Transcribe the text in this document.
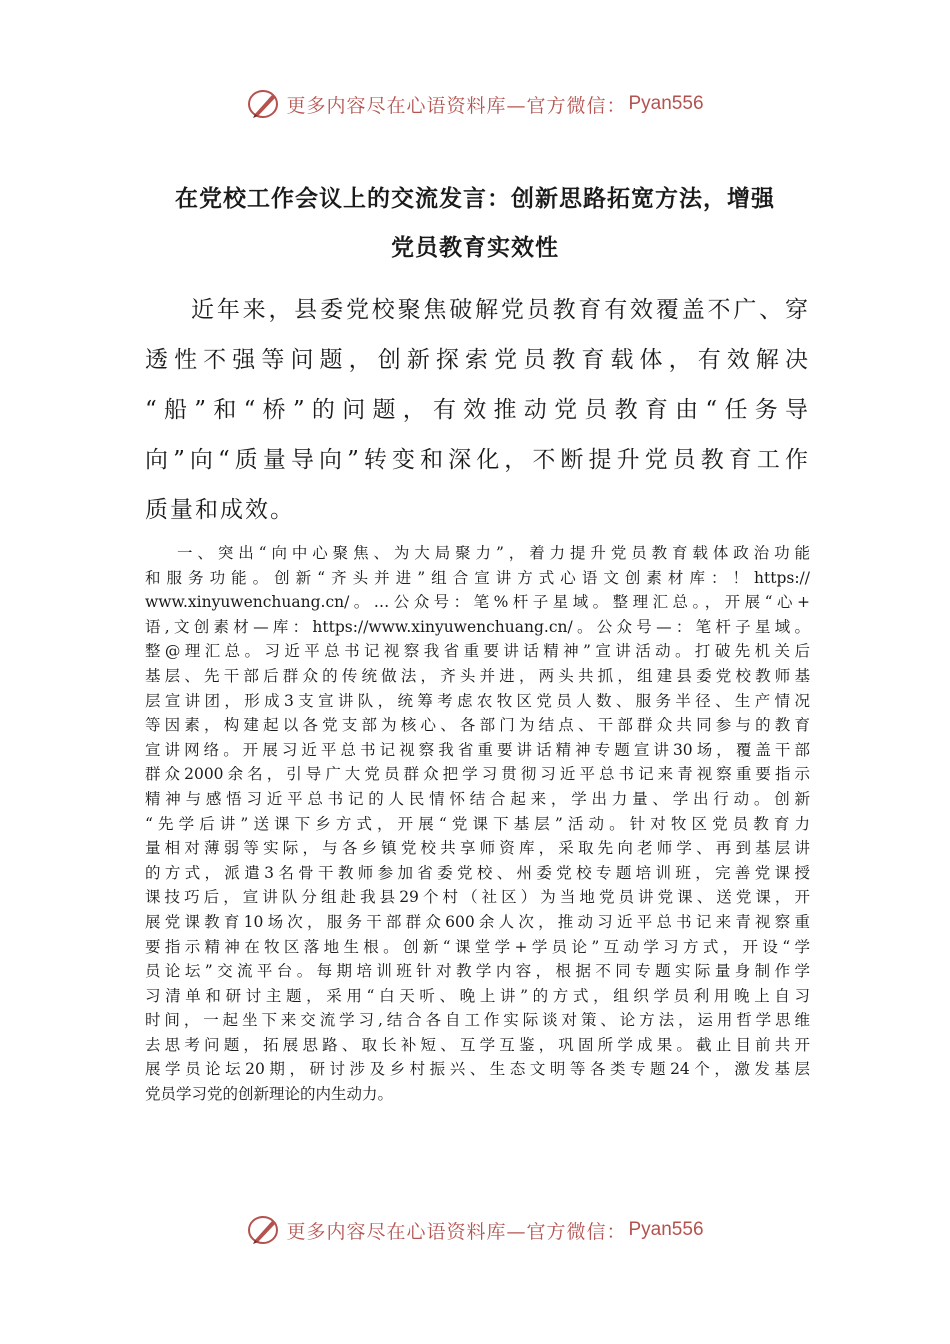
更多内容尽在心语资料库—官方微信： Pyan556
在党校工作会议上的交流发言：创新思路拓宽方法，增强
党员教育实效性
近年来，县委党校聚焦破解党员教育有效覆盖不广、穿
透性不强等问题，创新探索党员教育载体，有效解决
“船”和“桥”的问题，有效推动党员教育由“任务导
向”向“质量导向”转变和深化，不断提升党员教育工作
质量和成效。
一、突出“向中心聚焦、为大局聚力”，着力提升党员教育载体政治功能
和服务功能。创新“齐头并进”组合宣讲方式心语文创素材库：！https://
www.xinyuwenchuang.cn/。…公众号：笔%杆子星域。整理汇总。，开展“心+
语,文创素材—库：https://www.xinyuwenchuang.cn/。公众号—：笔杆子星域。
整@理汇总。习近平总书记视察我省重要讲话精神”宣讲活动。打破先机关后
基层、先干部后群众的传统做法，齐头并进，两头共抓，组建县委党校教师基
层宣讲团，形成3支宣讲队，统筹考虑农牧区党员人数、服务半径、生产情况
等因素，构建起以各党支部为核心、各部门为结点、干部群众共同参与的教育
宣讲网络。开展习近平总书记视察我省重要讲话精神专题宣讲30场，覆盖干部
群众2000余名，引导广大党员群众把学习贯彻习近平总书记来青视察重要指示
精神与感悟习近平总书记的人民情怀结合起来，学出力量、学出行动。创新
“先学后讲”送课下乡方式，开展“党课下基层”活动。针对牧区党员教育力
量相对薄弱等实际，与各乡镇党校共享师资库，采取先向老师学、再到基层讲
的方式，派遣3名骨干教师参加省委党校、州委党校专题培训班，完善党课授
课技巧后，宣讲队分组赴我县29个村（社区）为当地党员讲党课、送党课，开
展党课教育10场次，服务干部群众600余人次，推动习近平总书记来青视察重
要指示精神在牧区落地生根。创新“课堂学+学员论”互动学习方式，开设“学
员论坛”交流平台。每期培训班针对教学内容，根据不同专题实际量身制作学
习清单和研讨主题，采用“白天听、晚上讲”的方式，组织学员利用晚上自习
时间，一起坐下来交流学习,结合各自工作实际谈对策、论方法，运用哲学思维
去思考问题，拓展思路、取长补短、互学互鉴，巩固所学成果。截止目前共开
展学员论坛20期，研讨涉及乡村振兴、生态文明等各类专题24个，激发基层
党员学习党的创新理论的内生动力。
更多内容尽在心语资料库—官方微信： Pyan556
